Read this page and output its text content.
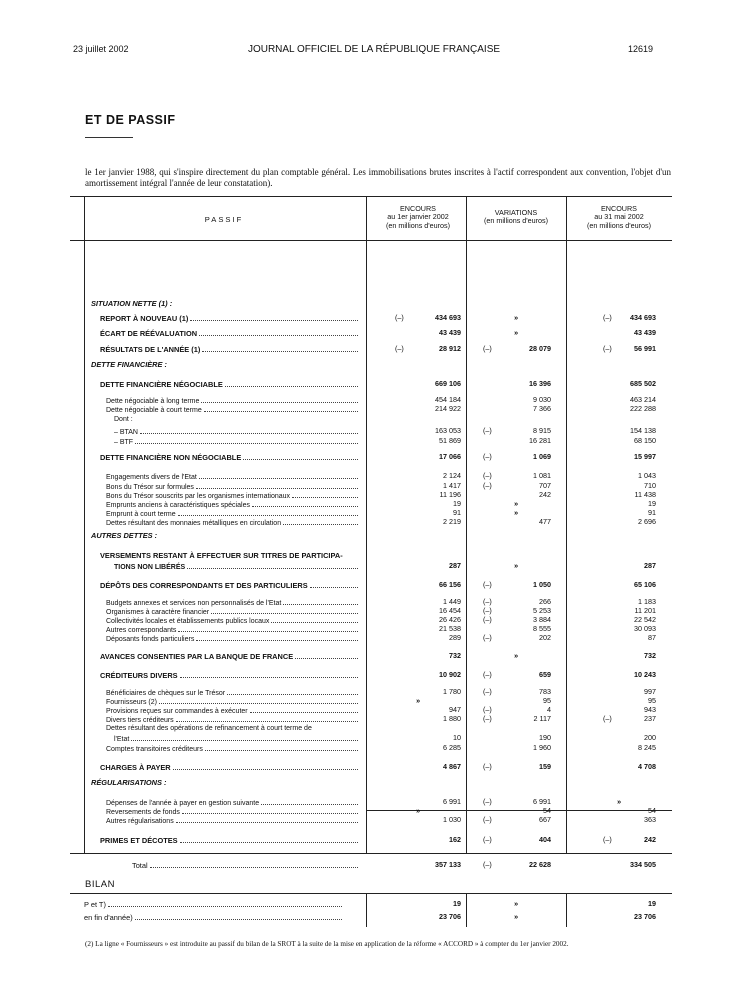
23 juillet 2002	JOURNAL OFFICIEL DE LA RÉPUBLIQUE FRANÇAISE	12619
ET DE PASSIF
le 1er janvier 1988, qui s'inspire directement du plan comptable général. Les immobilisations brutes inscrites à l'actif correspondent aux convention, l'objet d'un amortissement intégral l'année de leur constatation).
PASSIF
ENCOURS
au 1er janvier 2002
(en millions d'euros)
VARIATIONS
(en millions d'euros)
ENCOURS
au 31 mai 2002
(en millions d'euros)
SITUATION NETTE (1) :
REPORT À NOUVEAU (1)	(–)	434 693	»	(–)	434 693
ÉCART DE RÉÉVALUATION	43 439	»	43 439
RÉSULTATS DE L'ANNÉE (1)	(–)	28 912	(–)	28 079	(–)	56 991
DETTE FINANCIÈRE :
DETTE FINANCIÈRE NÉGOCIABLE	669 106	16 396	685 502
Dette négociable à long terme	454 184	9 030	463 214
Dette négociable à court terme	214 922	7 366	222 288
Dont :
– BTAN	163 053	(–)	8 915	154 138
– BTF	51 869	16 281	68 150
DETTE FINANCIÈRE NON NÉGOCIABLE	17 066	(–)	1 069	15 997
Engagements divers de l'Etat	2 124	(–)	1 081	1 043
Bons du Trésor sur formules	1 417	(–)	707	710
Bons du Trésor souscrits par les organismes internationaux	11 196	242	11 438
Emprunts anciens à caractéristiques spéciales	19	»	19
Emprunt à court terme	91	»	91
Dettes résultant des monnaies métalliques en circulation	2 219	477	2 696
AUTRES DETTES :
VERSEMENTS RESTANT À EFFECTUER SUR TITRES DE PARTICIPA-
TIONS NON LIBÉRÉS	287	»	287
DÉPÔTS DES CORRESPONDANTS ET DES PARTICULIERS	66 156	(–)	1 050	65 106
Budgets annexes et services non personnalisés de l'Etat	1 449	(–)	266	1 183
Organismes à caractère financier	16 454	(–)	5 253	11 201
Collectivités locales et établissements publics locaux	26 426	(–)	3 884	22 542
Autres correspondants	21 538	8 555	30 093
Déposants fonds particuliers	289	(–)	202	87
AVANCES CONSENTIES PAR LA BANQUE DE FRANCE	732	»	732
CRÉDITEURS DIVERS	10 902	(–)	659	10 243
Bénéficiaires de chèques sur le Trésor	1 780	(–)	783	997
Fournisseurs (2)	»	95	95
Provisions reçues sur commandes à exécuter	947	(–)	4	943
Divers tiers créditeurs	1 880	(–)	2 117	(–)	237
Dettes résultant des opérations de refinancement à court terme de
l'Etat	10	190	200
Comptes transitoires créditeurs	6 285	1 960	8 245
CHARGES À PAYER	4 867	(–)	159	4 708
RÉGULARISATIONS :
Dépenses de l'année à payer en gestion suivante	6 991	(–)	6 991	»
Reversements de fonds	»	54	54
Autres régularisations	1 030	(–)	667	363
PRIMES ET DÉCOTES	162	(–)	404	(–)	242
Total	357 133	(–)	22 628	334 505
BILAN
P et T)	19	»	19
en fin d'année)	23 706	»	23 706
(2) La ligne « Fournisseurs » est introduite au passif du bilan de la SROT à la suite de la mise en application de la réforme « ACCORD » à compter du 1er janvier 2002.
